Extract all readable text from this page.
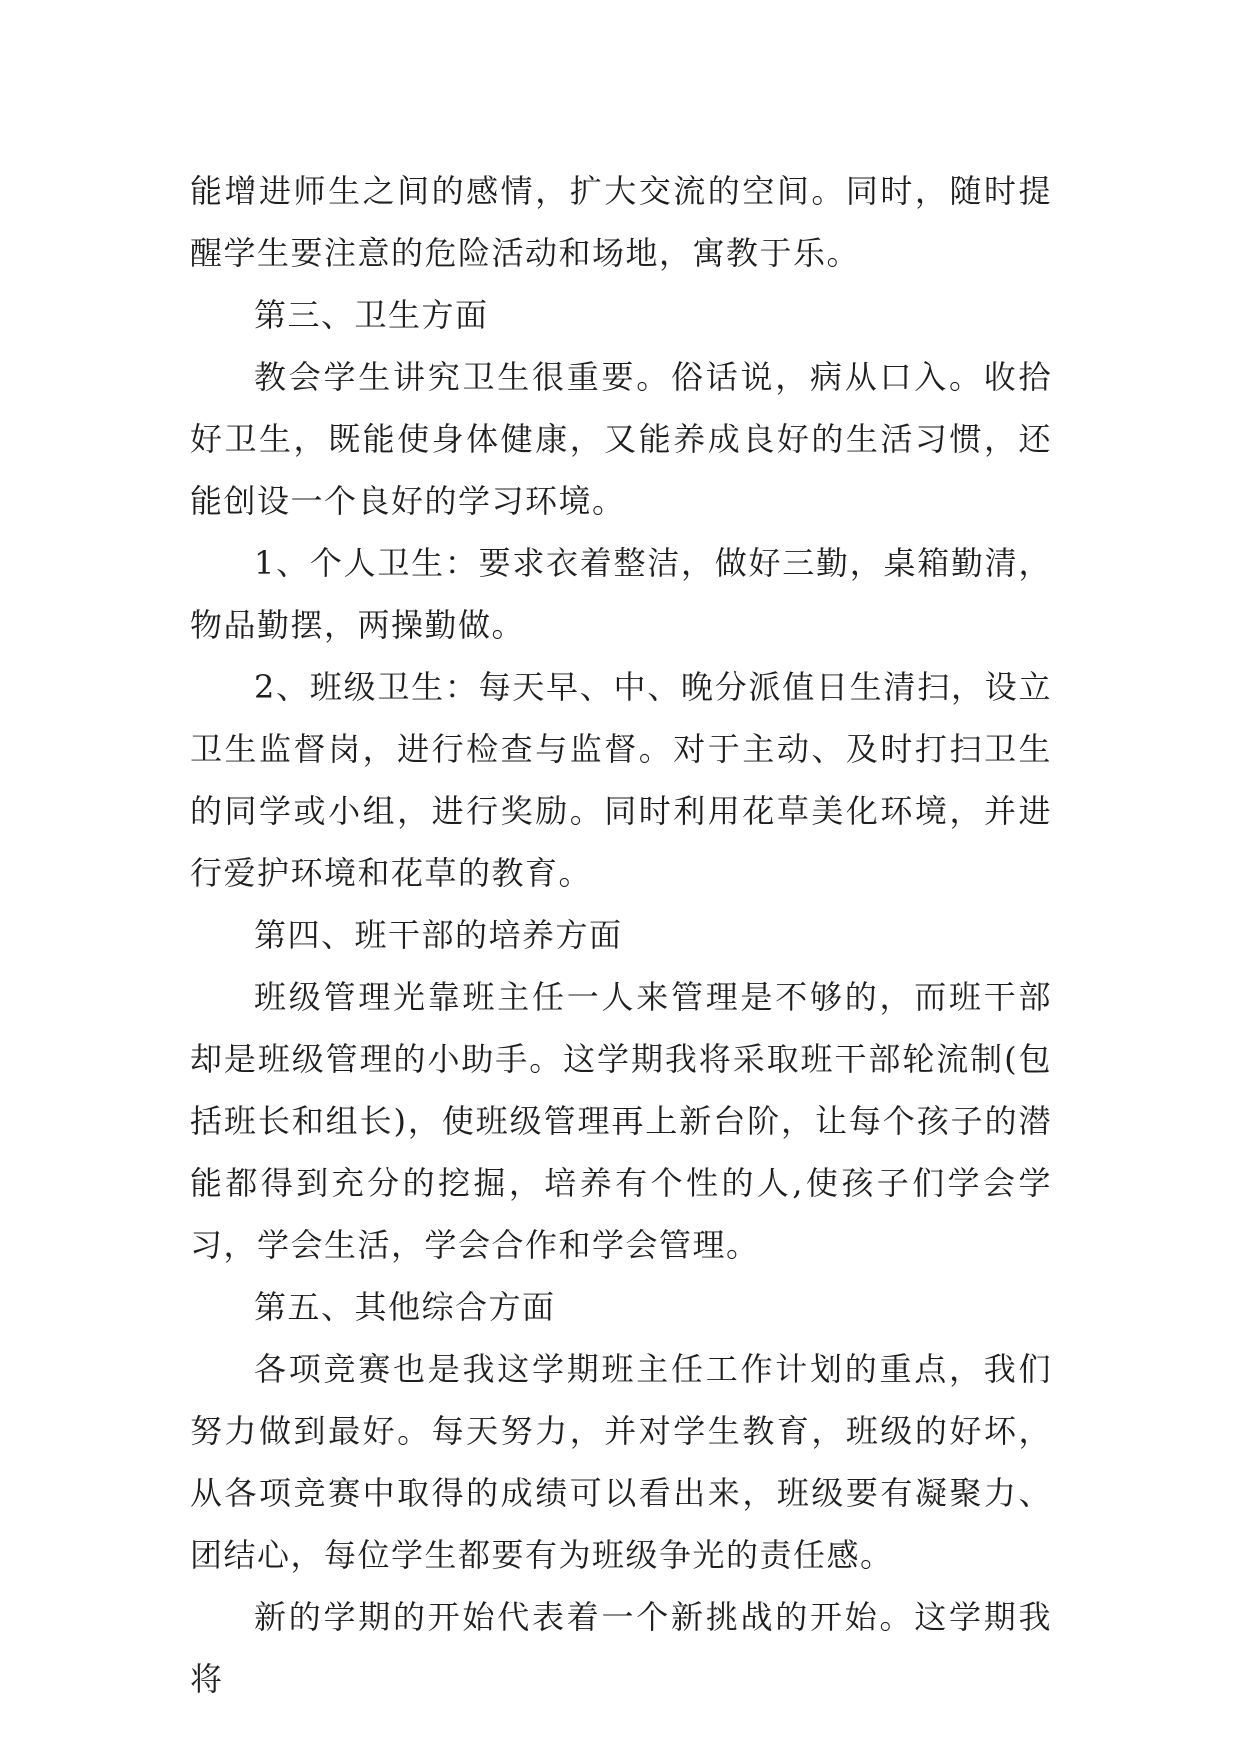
能增进师生之间的感情，扩大交流的空间。同时，随时提醒学生要注意的危险活动和场地，寓教于乐。

第三、卫生方面

教会学生讲究卫生很重要。俗话说，病从口入。收拾好卫生，既能使身体健康，又能养成良好的生活习惯，还能创设一个良好的学习环境。

1、个人卫生：要求衣着整洁，做好三勤，桌箱勤清，物品勤摆，两操勤做。

2、班级卫生：每天早、中、晚分派值日生清扫，设立卫生监督岗，进行检查与监督。对于主动、及时打扫卫生的同学或小组，进行奖励。同时利用花草美化环境，并进行爱护环境和花草的教育。

第四、班干部的培养方面

班级管理光靠班主任一人来管理是不够的，而班干部却是班级管理的小助手。这学期我将采取班干部轮流制(包括班长和组长)，使班级管理再上新台阶，让每个孩子的潜能都得到充分的挖掘，培养有个性的人,使孩子们学会学习，学会生活，学会合作和学会管理。

第五、其他综合方面

各项竞赛也是我这学期班主任工作计划的重点，我们努力做到最好。每天努力，并对学生教育，班级的好坏，从各项竞赛中取得的成绩可以看出来，班级要有凝聚力、团结心，每位学生都要有为班级争光的责任感。

新的学期的开始代表着一个新挑战的开始。这学期我将
